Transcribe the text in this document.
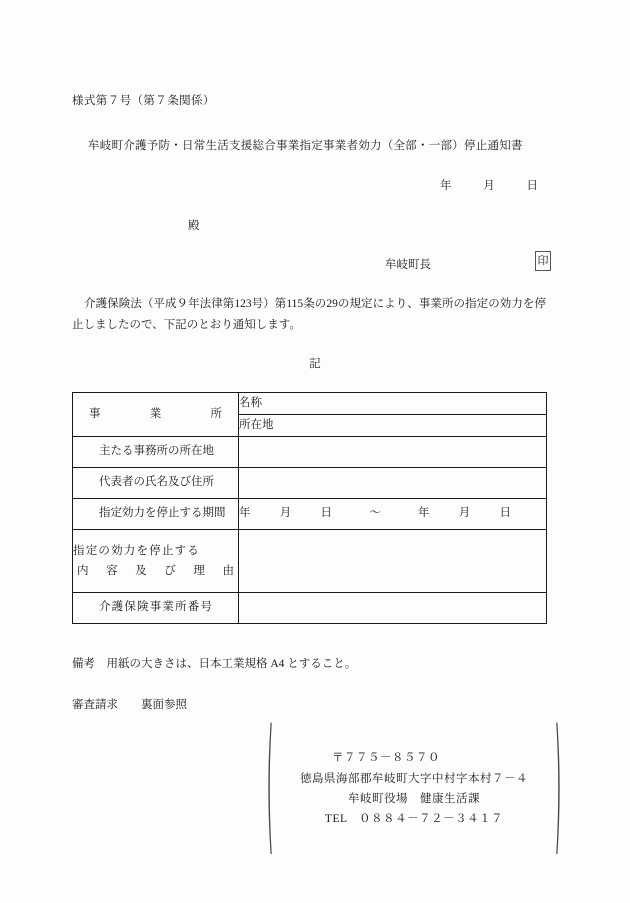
様式第７号（第７条関係）
牟岐町介護予防・日常生活支援総合事業指定事業者効力（全部・一部）停止通知書
年	月	日
殿
牟岐町長	印
介護保険法（平成９年法律第123号）第115条の29の規定により、事業所の指定の効力を停止しましたので、下記のとおり通知します。
記
事業所	名称
	所在地

主たる事務所の所在地	

代表者の氏名及び住所	

指定効力を停止する期間	年 月 日 ～ 年 月 日

指定の効力を停止する
内容及び理由	

介護保険事業所番号	

備考　用紙の大きさは、日本工業規格 A4 とすること。
審査請求　　裏面参照	(	〒７７５－８５７０
徳島県海部郡牟岐町大字中村字本村７－４
牟岐町役場　健康生活課
TEL　０８８４－７２－３４１７	)
